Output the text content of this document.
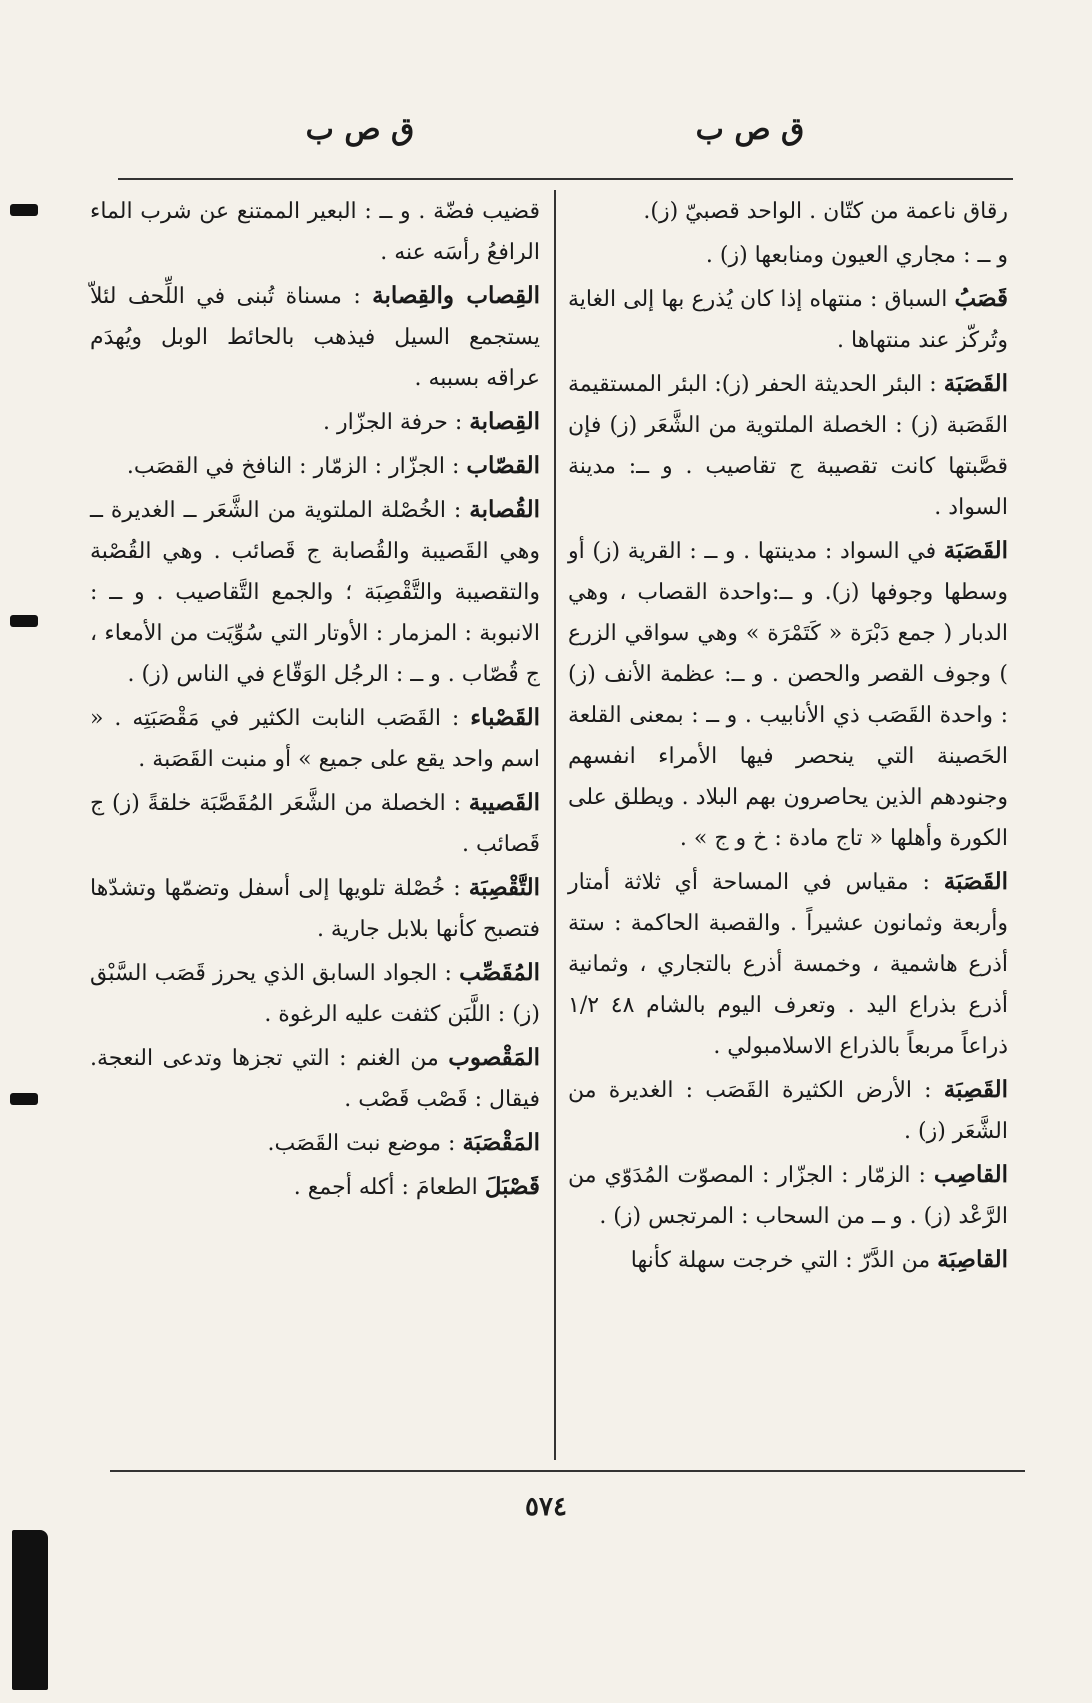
ق ص ب	ق ص ب

رقاق ناعمة من كتّان . الواحد قصبيّ (ز).

و ــ : مجاري العيون ومنابعها (ز) .

قَصَبُ السباق : منتهاه إذا كان يُذرع بها إلى الغاية وتُركّز عند منتهاها .

القَصَبَة : البئر الحديثة الحفر (ز): البئر المستقيمة القَصَبة (ز) : الخصلة الملتوية من الشَّعَر (ز) فإن قصَّبتها كانت تقصيبة ج تقاصيب . و ــ: مدينة السواد .

القَصَبَة في السواد : مدينتها . و ــ : القرية (ز) أو وسطها وجوفها (ز). و ــ:واحدة القصاب ، وهي الدبار ( جمع دَبْرَة « كَتَمْرَة » وهي سواقي الزرع ) وجوف القصر والحصن . و ــ: عظمة الأنف (ز) : واحدة القَصَب ذي الأنابيب . و ــ : بمعنى القلعة الحَصينة التي ينحصر فيها الأمراء انفسهم وجنودهم الذين يحاصرون بهم البلاد . ويطلق على الكورة وأهلها « تاج مادة : خ و ج » .

القَصَبَة : مقياس في المساحة أي ثلاثة أمتار وأربعة وثمانون عشيراً . والقصبة الحاكمة : ستة أذرع هاشمية ، وخمسة أذرع بالتجاري ، وثمانية أذرع بذراع اليد . وتعرف اليوم بالشام ٤٨ ١/٢ ذراعاً مربعاً بالذراع الاسلامبولي .

القَصِبَة : الأرض الكثيرة القَصَب : الغديرة من الشَّعَر (ز) .

القاصِب : الزمّار : الجزّار : المصوّت المُدَوّي من الرَّعْد (ز) . و ــ من السحاب : المرتجس (ز) .

القاصِبَة من الدَّرّ : التي خرجت سهلة كأنها

قضيب فضّة . و ــ : البعير الممتنع عن شرب الماء الرافعُ رأسَه عنه .

القِصاب والقِصابة : مسناة تُبنى في اللِّحف لئلاّ يستجمع السيل فيذهب بالحائط الوبل ويُهدَم عراقه بسببه .

القِصابة : حرفة الجزّار .

القصّاب : الجزّار : الزمّار : النافخ في القصَب.

القُصابة : الخُصْلة الملتوية من الشَّعَر ــ الغديرة ــ وهي القَصيبة والقُصابة ج قَصائب . وهي القُصْبة والتقصيبة والتَّقْصِبَة ؛ والجمع التَّقاصيب . و ــ : الانبوبة : المزمار : الأوتار التي سُوِّيَت من الأمعاء ، ج قُصّاب . و ــ : الرجُل الوَقّاع في الناس (ز) .

القَصْباء : القَصَب النابت الكثير في مَقْصَبَتِه . « اسم واحد يقع على جميع » أو منبت القَصَبة .

القَصيبة : الخصلة من الشَّعَر المُقَصَّبَة خلقةً (ز) ج قَصائب .

التَّقْصِبَة : خُصْلة تلويها إلى أسفل وتضمّها وتشدّها فتصبح كأنها بلابل جارية .

المُقَصِّب : الجواد السابق الذي يحرز قَصَب السَّبْق (ز) : اللَّبَن كثفت عليه الرغوة .

المَقْصوب من الغنم : التي تجزها وتدعى النعجة. فيقال : قَصْب قَصْب .

المَقْصَبَة : موضع نبت القَصَب.

قَصْبَلَ الطعامَ : أكله أجمع .

٥٧٤
